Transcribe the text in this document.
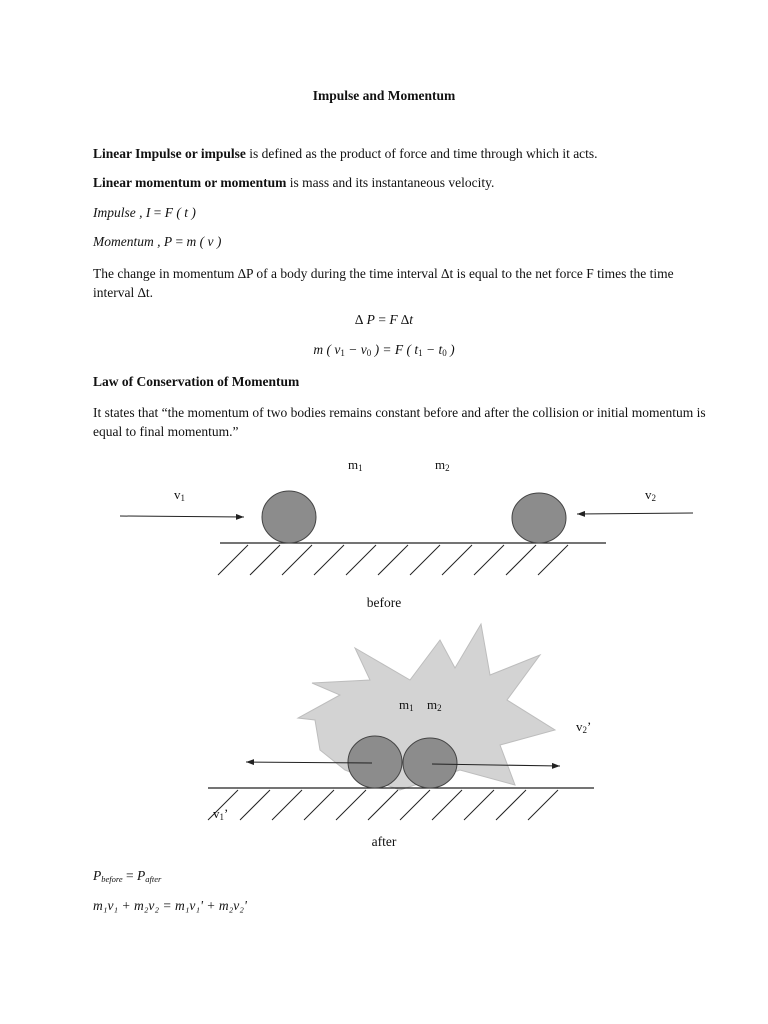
Impulse and Momentum
Linear Impulse or impulse is defined as the product of force and time through which it acts.
Linear momentum or momentum is mass and its instantaneous velocity.
Impulse , I = F ( t )
Momentum , P = m ( v )
The change in momentum ∆P of a body during the time interval ∆t is equal to the net force F times the time interval ∆t.
∆ P = F ∆t
m ( $v_1 - v_0$ ) = F ( $t_1 - t_0$ )
Law of Conservation of Momentum
It states that “the momentum of two bodies remains constant before and after the collision or initial momentum is equal to final momentum.”
$m_1$	$m_2$
$v_1$	$v_2$
before
$m_1$ $m_2$
$v_2$’
$v_1$’
after
$P_{before} = P_{after}$
m₁v₁ + m₂v₂ = m₁v₁' + m₂v₂'
